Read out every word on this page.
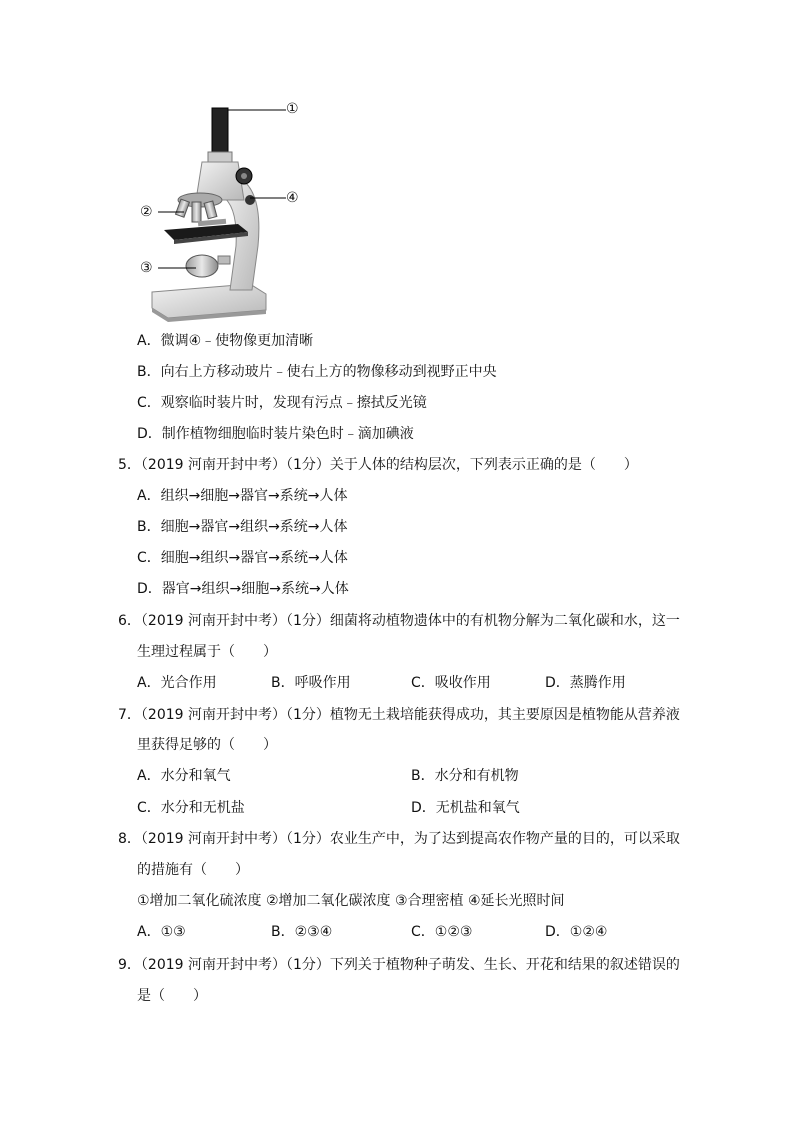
①
②
③
④
A．微调④﹣使物像更加清晰
B．向右上方移动玻片﹣使右上方的物像移动到视野正中央
C．观察临时装片时，发现有污点﹣擦拭反光镜
D．制作植物细胞临时装片染色时﹣滴加碘液
5．（2019 河南开封中考）（1分）关于人体的结构层次，下列表示正确的是（　　）
A．组织→细胞→器官→系统→人体
B．细胞→器官→组织→系统→人体
C．细胞→组织→器官→系统→人体
D．器官→组织→细胞→系统→人体
6．（2019 河南开封中考）（1分）细菌将动植物遗体中的有机物分解为二氧化碳和水，这一
生理过程属于（　　）
A．光合作用	B．呼吸作用	C．吸收作用	D．蒸腾作用
7．（2019 河南开封中考）（1分）植物无土栽培能获得成功，其主要原因是植物能从营养液
里获得足够的（　　）
A．水分和氧气	B．水分和有机物
C．水分和无机盐	D．无机盐和氧气
8．（2019 河南开封中考）（1分）农业生产中，为了达到提高农作物产量的目的，可以采取
的措施有（　　）
①增加二氧化硫浓度 ②增加二氧化碳浓度 ③合理密植 ④延长光照时间
A．①③	B．②③④	C．①②③	D．①②④
9．（2019 河南开封中考）（1分）下列关于植物种子萌发、生长、开花和结果的叙述错误的
是（　　）
